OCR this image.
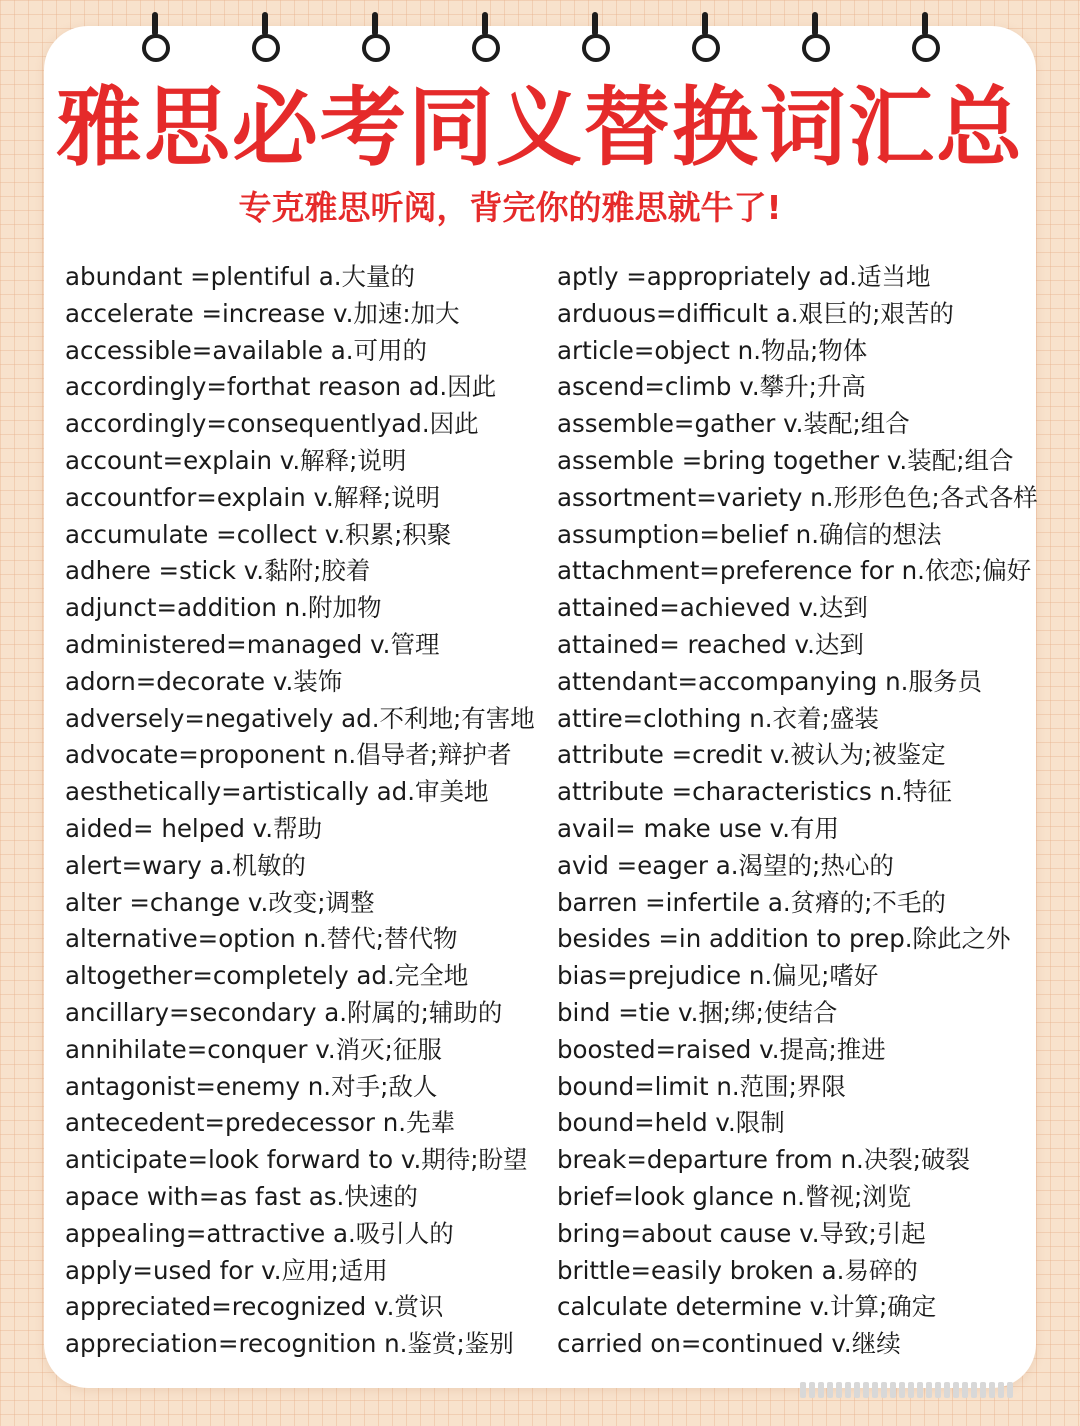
雅思必考同义替换词汇总
专克雅思听阅，背完你的雅思就牛了!
abundant =plentiful a.大量的
accelerate =increase v.加速:加大
accessible=available a.可用的
accordingly=forthat reason ad.因此
accordingly=consequentlyad.因此
account=explain v.解释;说明
accountfor=explain v.解释;说明
accumulate =collect v.积累;积聚
adhere =stick v.黏附;胶着
adjunct=addition n.附加物
administered=managed v.管理
adorn=decorate v.装饰
adversely=negatively ad.不利地;有害地
advocate=proponent n.倡导者;辩护者
aesthetically=artistically ad.审美地
aided= helped v.帮助
alert=wary a.机敏的
alter =change v.改变;调整
alternative=option n.替代;替代物
altogether=completely ad.完全地
ancillary=secondary a.附属的;辅助的
annihilate=conquer v.消灭;征服
antagonist=enemy n.对手;敌人
antecedent=predecessor n.先辈
anticipate=look forward to v.期待;盼望
apace with=as fast as.快速的
appealing=attractive a.吸引人的
apply=used for v.应用;适用
appreciated=recognized v.赏识
appreciation=recognition n.鉴赏;鉴别
aptly =appropriately ad.适当地
arduous=difficult a.艰巨的;艰苦的
article=object n.物品;物体
ascend=climb v.攀升;升高
assemble=gather v.装配;组合
assemble =bring together v.装配;组合
assortment=variety n.形形色色;各式各样
assumption=belief n.确信的想法
attachment=preference for n.依恋;偏好
attained=achieved v.达到
attained= reached v.达到
attendant=accompanying n.服务员
attire=clothing n.衣着;盛装
attribute =credit v.被认为;被鉴定
attribute =characteristics n.特征
avail= make use v.有用
avid =eager a.渴望的;热心的
barren =infertile a.贫瘠的;不毛的
besides =in addition to prep.除此之外
bias=prejudice n.偏见;嗜好
bind =tie v.捆;绑;使结合
boosted=raised v.提高;推进
bound=limit n.范围;界限
bound=held v.限制
break=departure from n.决裂;破裂
brief=look glance n.瞥视;浏览
bring=about cause v.导致;引起
brittle=easily broken a.易碎的
calculate determine v.计算;确定
carried on=continued v.继续
